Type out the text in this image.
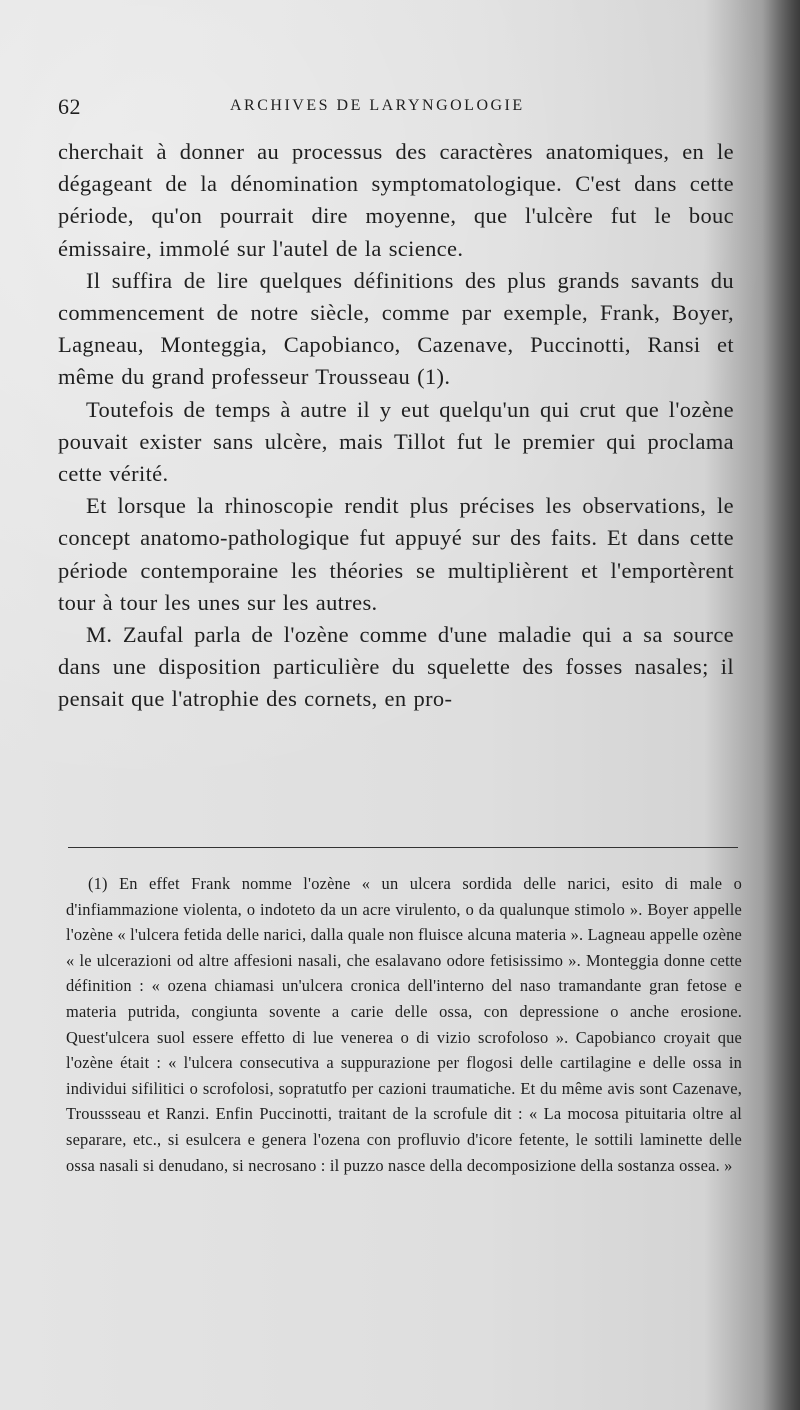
62	ARCHIVES DE LARYNGOLOGIE

cherchait à donner au processus des caractères anatomiques, en le dégageant de la dénomination symptomatologique. C'est dans cette période, qu'on pourrait dire moyenne, que l'ulcère fut le bouc émissaire, immolé sur l'autel de la science.

Il suffira de lire quelques définitions des plus grands savants du commencement de notre siècle, comme par exemple, Frank, Boyer, Lagneau, Monteggia, Capobianco, Cazenave, Puccinotti, Ransi et même du grand professeur Trousseau (1).

Toutefois de temps à autre il y eut quelqu'un qui crut que l'ozène pouvait exister sans ulcère, mais Tillot fut le premier qui proclama cette vérité.

Et lorsque la rhinoscopie rendit plus précises les observations, le concept anatomo-pathologique fut appuyé sur des faits. Et dans cette période contemporaine les théories se multiplièrent et l'emportèrent tour à tour les unes sur les autres.

M. Zaufal parla de l'ozène comme d'une maladie qui a sa source dans une disposition particulière du squelette des fosses nasales; il pensait que l'atrophie des cornets, en pro-

(1) En effet Frank nomme l'ozène « un ulcera sordida delle narici, esito di male o d'infiammazione violenta, o indoteto da un acre virulento, o da qualunque stimolo ». Boyer appelle l'ozène « l'ulcera fetida delle narici, dalla quale non fluisce alcuna materia ». Lagneau appelle ozène « le ulcerazioni od altre affesioni nasali, che esalavano odore fetisissimo ». Monteggia donne cette définition : « ozena chiamasi un'ulcera cronica dell'interno del naso tramandante gran fetose e materia putrida, congiunta sovente a carie delle ossa, con depressione o anche erosione. Quest'ulcera suol essere effetto di lue venerea o di vizio scrofoloso ». Capobianco croyait que l'ozène était : « l'ulcera consecutiva a suppurazione per flogosi delle cartilagine e delle ossa in individui sifilitici o scrofolosi, sopratutfo per cazioni traumatiche. Et du même avis sont Cazenave, Troussseau et Ranzi. Enfin Puccinotti, traitant de la scrofule dit : « La mocosa pituitaria oltre al separare, etc., si esulcera e genera l'ozena con profluvio d'icore fetente, le sottili laminette delle ossa nasali si denudano, si necrosano : il puzzo nasce della decomposizione della sostanza ossea. »
